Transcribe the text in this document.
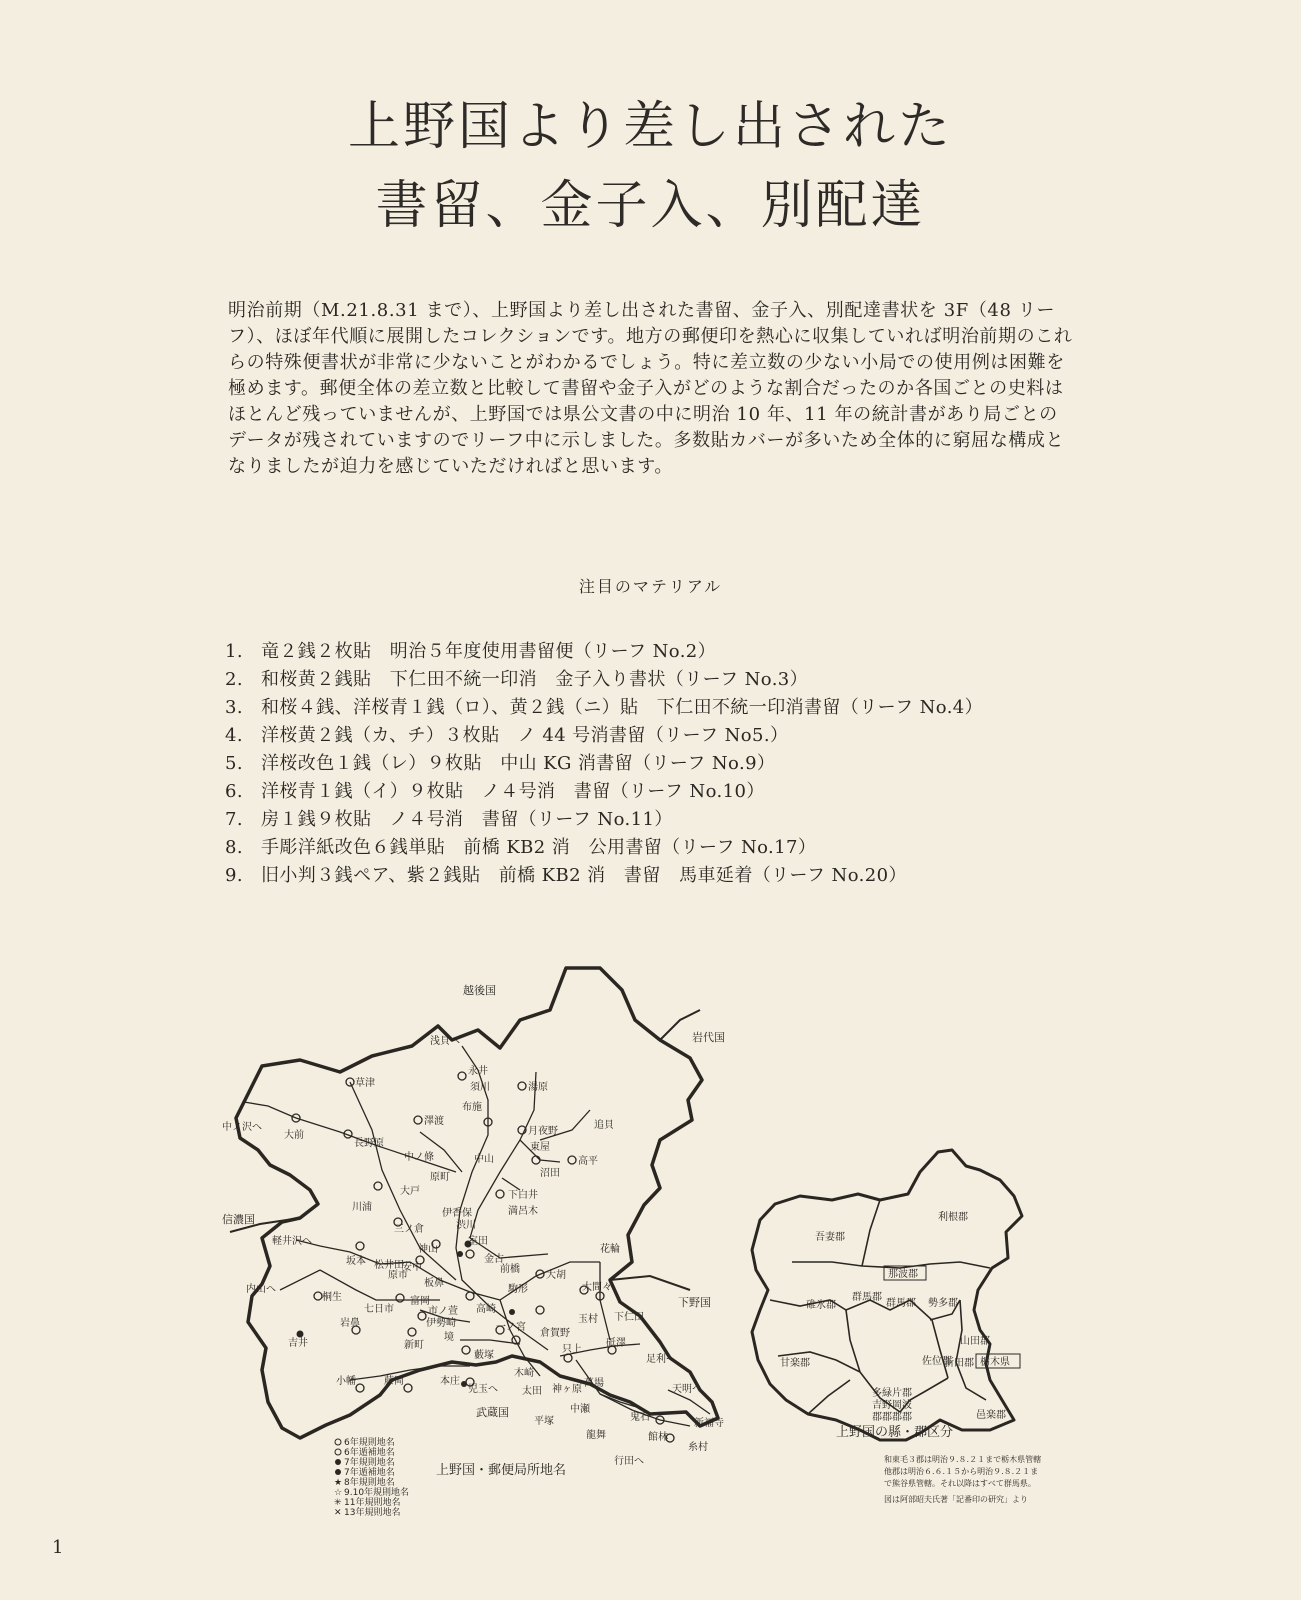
上野国より差し出された
書留、金子入、別配達
明治前期（M.21.8.31 まで）、上野国より差し出された書留、金子入、別配達書状を 3F（48 リーフ）、ほぼ年代順に展開したコレクションです。地方の郵便印を熱心に収集していれば明治前期のこれらの特殊便書状が非常に少ないことがわかるでしょう。特に差立数の少ない小局での使用例は困難を極めます。郵便全体の差立数と比較して書留や金子入がどのような割合だったのか各国ごとの史料はほとんど残っていませんが、上野国では県公文書の中に明治 10 年、11 年の統計書があり局ごとのデータが残されていますのでリーフ中に示しました。多数貼カバーが多いため全体的に窮屈な構成となりましたが迫力を感じていただければと思います。
注目のマテリアル
1. 竜２銭２枚貼　明治５年度使用書留便（リーフ No.2）
2. 和桜黄２銭貼　下仁田不統一印消　金子入り書状（リーフ No.3）
3. 和桜４銭、洋桜青１銭（ロ）、黄２銭（ニ）貼　下仁田不統一印消書留（リーフ No.4）
4. 洋桜黄２銭（カ、チ）３枚貼　ノ 44 号消書留（リーフ No5.）
5. 洋桜改色１銭（レ）９枚貼　中山 KG 消書留（リーフ No.9）
6. 洋桜青１銭（イ）９枚貼　ノ４号消　書留（リーフ No.10）
7. 房１銭９枚貼　ノ４号消　書留（リーフ No.11）
8. 手彫洋紙改色６銭単貼　前橋 KB2 消　公用書留（リーフ No.17）
9. 旧小判３銭ペア、紫２銭貼　前橋 KB2 消　書留　馬車延着（リーフ No.20）
越後国
岩代国
信濃国
下野国
武蔵国
浅貝へ
中ノ沢へ
軽井沢へ
内山へ
児玉へ	天明へ
行田へ
足利へ
永井
須川	湯原
草津
澤渡
布施
月夜野
追貝
大前
長野原
中山
東屋
高平
中ノ條
原町	沼田
大戸	下白井
川浦
伊香保
渋川
満呂木
三ノ倉
神山
室田
金古
花輪
坂本 松井田
安中	前橋
大胡
大間々
原市
板鼻
駒形
桐生
市ノ萱
七日市
富岡
高崎
岩鼻	伊勢崎	一ノ宮
倉賀野
玉村 下仁田
吉井	新町
境
藪塚
只上
砥澤
小幡	藤岡	本庄
木崎
太田 神ヶ原
萬場
鬼石
平塚
中瀬
新福寺
龍舞	館林
糸村
6年規則地名
6年遁補地名
7年規則地名
7年遁補地名
★ 8年規則地名
☆ 9.10年規則地名
✳ 11年規則地名
✕ 13年規則地名
上野国・郵便局所地名
吾妻郡
利根郡
群馬郡 勢多郡
碓氷郡
群馬郡
山田郡
甘楽郡	佐位郡
新田郡
邑楽郡
多緑片郡
吉野岡波
郡郡郡郡
那波郡
栃木県
上野国の縣・郡区分
和東毛３郡は明治９.８.２１まで栃木県管轄
他郡は明治６.６.１５から明治９.８.２１ま
で熊谷県管轄。それ以降はすべて群馬県。
図は阿部昭夫氏著「記番印の研究」より
1
